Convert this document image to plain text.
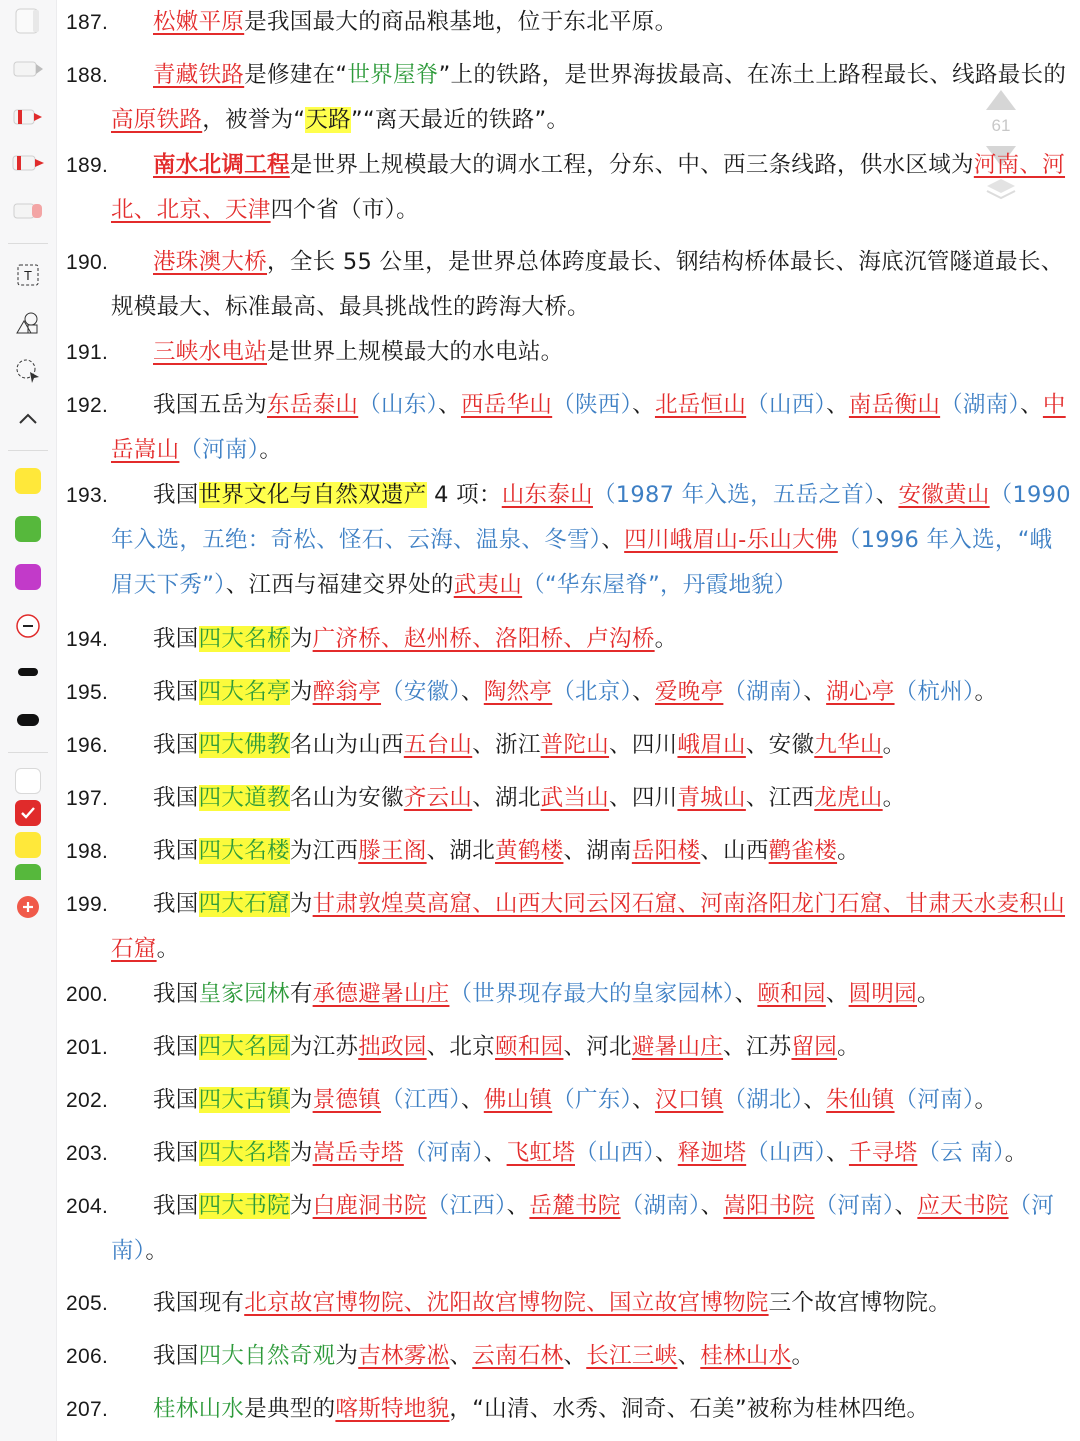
T
61
187.	松嫩平原是我国最大的商品粮基地，位于东北平原。
188.	青藏铁路是修建在“世界屋脊”上的铁路，是世界海拔最高、在冻土上路程最长、线路最长的高原铁路，被誉为“天路”“离天最近的铁路”。
189.	南水北调工程是世界上规模最大的调水工程，分东、中、西三条线路，供水区域为河南、河北、北京、天津四个省（市）。
190.	港珠澳大桥，全长 55 公里，是世界总体跨度最长、钢结构桥体最长、海底沉管隧道最长、规模最大、标准最高、最具挑战性的跨海大桥。
191.	三峡水电站是世界上规模最大的水电站。
192.	我国五岳为东岳泰山（山东）、西岳华山（陕西）、北岳恒山（山西）、南岳衡山（湖南）、中岳嵩山（河南）。
193.	我国世界文化与自然双遗产 4 项：山东泰山（1987 年入选，五岳之首）、安徽黄山（1990 年入选，五绝：奇松、怪石、云海、温泉、冬雪）、四川峨眉山-乐山大佛（1996 年入选，“峨眉天下秀”）、江西与福建交界处的武夷山（“华东屋脊”，丹霞地貌）
194.	我国四大名桥为广济桥、赵州桥、洛阳桥、卢沟桥。
195.	我国四大名亭为醉翁亭（安徽）、陶然亭（北京）、爱晚亭（湖南）、湖心亭（杭州）。
196.	我国四大佛教名山为山西五台山、浙江普陀山、四川峨眉山、安徽九华山。
197.	我国四大道教名山为安徽齐云山、湖北武当山、四川青城山、江西龙虎山。
198.	我国四大名楼为江西滕王阁、湖北黄鹤楼、湖南岳阳楼、山西鹳雀楼。
199.	我国四大石窟为甘肃敦煌莫高窟、山西大同云冈石窟、河南洛阳龙门石窟、甘肃天水麦积山石窟。
200.	我国皇家园林有承德避暑山庄（世界现存最大的皇家园林）、颐和园、圆明园。
201.	我国四大名园为江苏拙政园、北京颐和园、河北避暑山庄、江苏留园。
202.	我国四大古镇为景德镇（江西）、佛山镇（广东）、汉口镇（湖北）、朱仙镇（河南）。
203.	我国四大名塔为嵩岳寺塔（河南）、飞虹塔（山西）、释迦塔（山西）、千寻塔（云 南）。
204.	我国四大书院为白鹿洞书院（江西）、岳麓书院（湖南）、嵩阳书院（河南）、应天书院（河南）。
205.	我国现有北京故宫博物院、沈阳故宫博物院、国立故宫博物院三个故宫博物院。
206.	我国四大自然奇观为吉林雾凇、云南石林、长江三峡、桂林山水。
207.	桂林山水是典型的喀斯特地貌，“山清、水秀、洞奇、石美”被称为桂林四绝。
